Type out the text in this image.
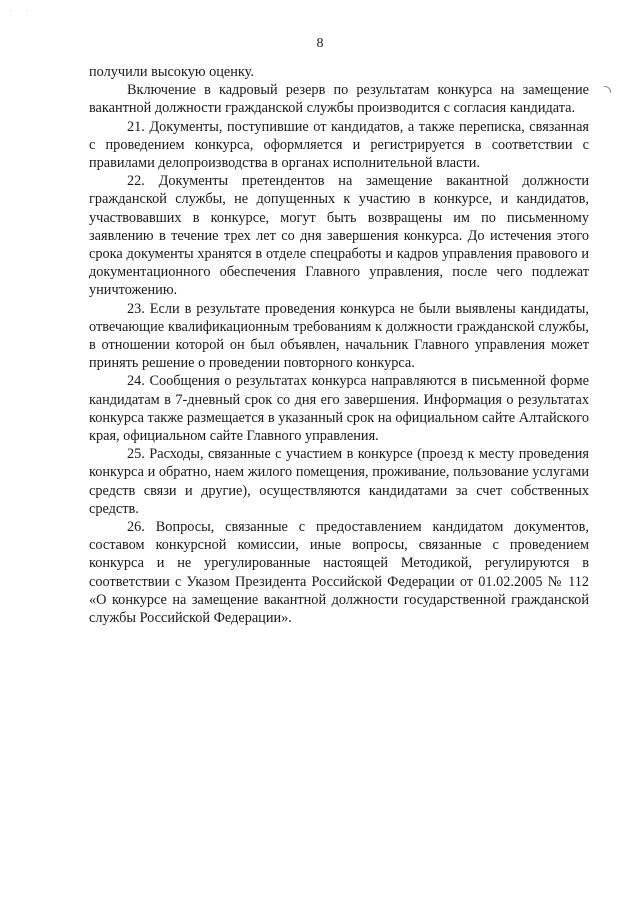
· ·
8

получили высокую оценку.

Включение в кадровый резерв по результатам конкурса на замещение вакантной должности гражданской службы производится с согласия кандидата.

21. Документы, поступившие от кандидатов, а также переписка, связанная с проведением конкурса, оформляется и регистрируется в соответствии с правилами делопроизводства в органах исполнительной власти.

22. Документы претендентов на замещение вакантной должности гражданской службы, не допущенных к участию в конкурсе, и кандидатов, участвовавших в конкурсе, могут быть возвращены им по письменному заявлению в течение трех лет со дня завершения конкурса. До истечения этого срока документы хранятся в отделе спецработы и кадров управления правового и документационного обеспечения Главного управления, после чего подлежат уничтожению.

23. Если в результате проведения конкурса не были выявлены кандидаты, отвечающие квалификационным требованиям к должности гражданской службы, в отношении которой он был объявлен, начальник Главного управления может принять решение о проведении повторного конкурса.

24. Сообщения о результатах конкурса направляются в письменной форме кандидатам в 7-дневный срок со дня его завершения. Информация о результатах конкурса также размещается в указанный срок на официальном сайте Алтайского края, официальном сайте Главного управления.

25. Расходы, связанные с участием в конкурсе (проезд к месту проведения конкурса и обратно, наем жилого помещения, проживание, пользование услугами средств связи и другие), осуществляются кандидатами за счет собственных средств.

26. Вопросы, связанные с предоставлением кандидатом документов, составом конкурсной комиссии, иные вопросы, связанные с проведением конкурса и не урегулированные настоящей Методикой, регулируются в соответствии с Указом Президента Российской Федерации от 01.02.2005 № 112 «О конкурсе на замещение вакантной должности государственной гражданской службы Российской Федерации».
